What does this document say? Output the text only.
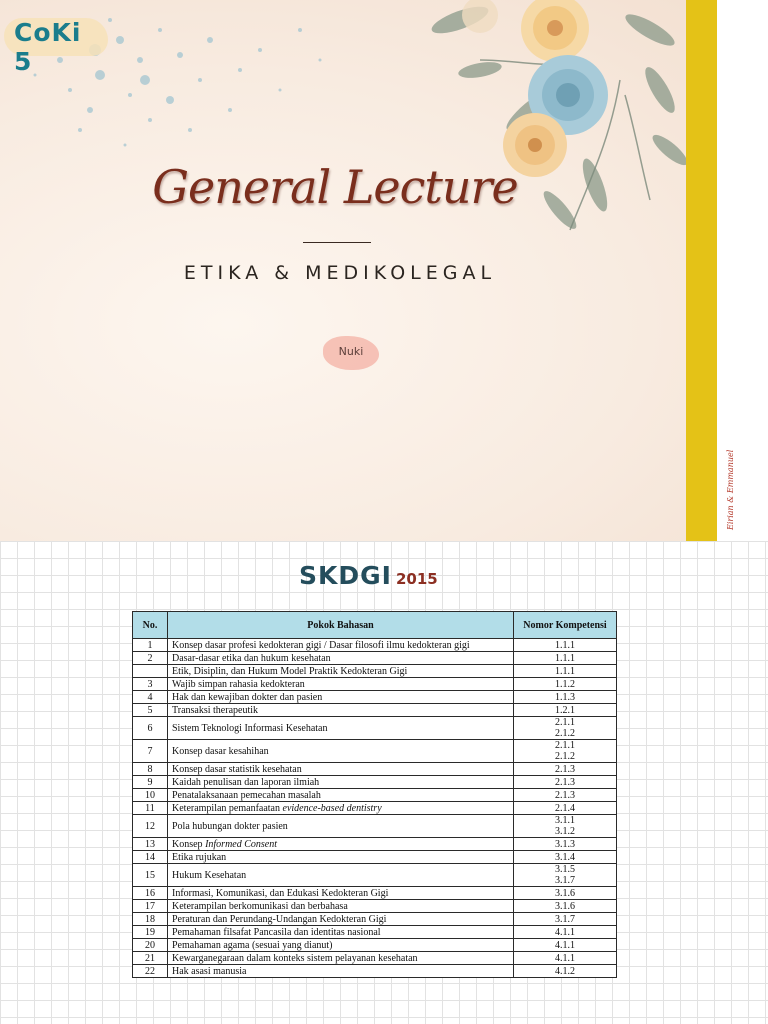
CoKi 5
General Lecture
ETIKA & MEDIKOLEGAL
Nuki
Eirian & Emmanuel
SKDGI 2015
No.	Pokok Bahasan	Nomor Kompetensi
1	Konsep dasar profesi kedokteran gigi / Dasar filosofi ilmu kedokteran gigi	1.1.1

2	Dasar-dasar etika dan hukum kesehatan	1.1.1

	Etik, Disiplin, dan Hukum Model Praktik Kedokteran Gigi	1.1.1

3	Wajib simpan rahasia kedokteran	1.1.2

4	Hak dan kewajiban dokter dan pasien	1.1.3

5	Transaksi therapeutik	1.2.1

6	Sistem Teknologi Informasi Kesehatan	2.1.1
2.1.2

7	Konsep dasar kesahihan	2.1.1
2.1.2

8	Konsep dasar statistik kesehatan	2.1.3

9	Kaidah penulisan dan laporan ilmiah	2.1.3

10	Penatalaksanaan pemecahan masalah	2.1.3

11	Keterampilan pemanfaatan evidence-based dentistry	2.1.4

12	Pola hubungan dokter pasien	3.1.1
3.1.2

13	Konsep Informed Consent	3.1.3

14	Etika rujukan	3.1.4

15	Hukum Kesehatan	3.1.5
3.1.7

16	Informasi, Komunikasi, dan Edukasi Kedokteran Gigi	3.1.6

17	Keterampilan berkomunikasi dan berbahasa	3.1.6

18	Peraturan dan Perundang-Undangan Kedokteran Gigi	3.1.7

19	Pemahaman filsafat Pancasila dan identitas nasional	4.1.1

20	Pemahaman agama (sesuai yang dianut)	4.1.1

21	Kewarganegaraan dalam konteks sistem pelayanan kesehatan	4.1.1

22	Hak asasi manusia	4.1.2
